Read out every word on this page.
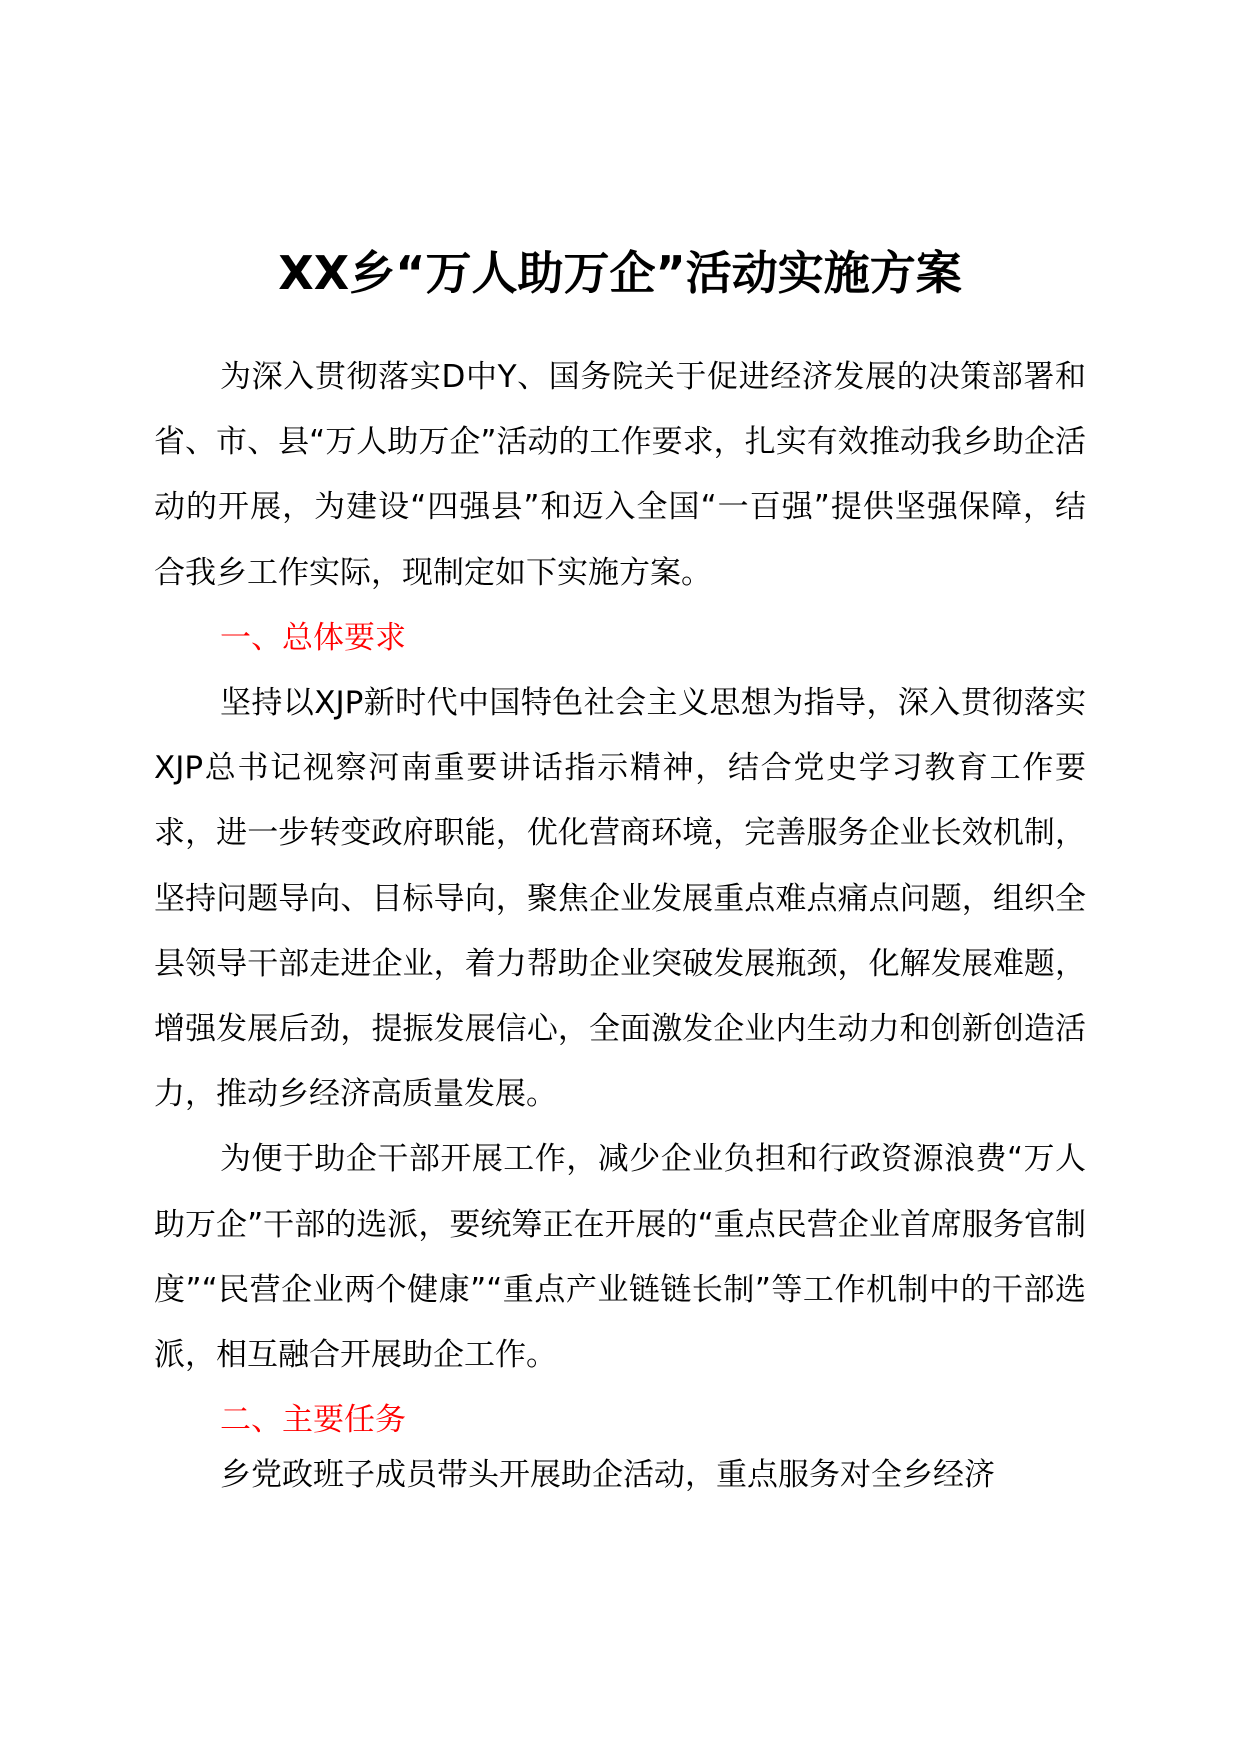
XX乡“万人助万企”活动实施方案

为深入贯彻落实D中Y、国务院关于促进经济发展的决策部署和省、市、县“万人助万企”活动的工作要求，扎实有效推动我乡助企活动的开展，为建设“四强县”和迈入全国“一百强”提供坚强保障，结合我乡工作实际，现制定如下实施方案。

一、总体要求

坚持以XJP新时代中国特色社会主义思想为指导，深入贯彻落实XJP总书记视察河南重要讲话指示精神，结合党史学习教育工作要求，进一步转变政府职能，优化营商环境，完善服务企业长效机制，坚持问题导向、目标导向，聚焦企业发展重点难点痛点问题，组织全县领导干部走进企业，着力帮助企业突破发展瓶颈，化解发展难题，增强发展后劲，提振发展信心，全面激发企业内生动力和创新创造活力，推动乡经济高质量发展。

为便于助企干部开展工作，减少企业负担和行政资源浪费“万人助万企”干部的选派，要统筹正在开展的“重点民营企业首席服务官制度”“民营企业两个健康”“重点产业链链长制”等工作机制中的干部选派，相互融合开展助企工作。

二、主要任务

乡党政班子成员带头开展助企活动，重点服务对全乡经济
